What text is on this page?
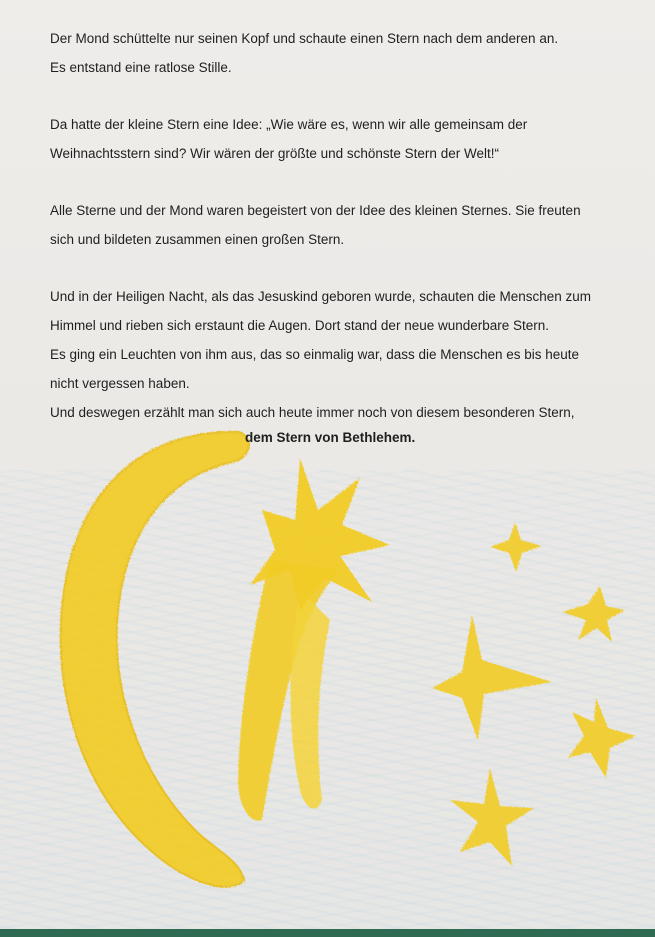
Der Mond schüttelte nur seinen Kopf und schaute einen Stern nach dem anderen an.
Es entstand eine ratlose Stille.

Da hatte der kleine Stern eine Idee: „Wie wäre es, wenn wir alle gemeinsam der
Weihnachtsstern sind? Wir wären der größte und schönste Stern der Welt!“

Alle Sterne und der Mond waren begeistert von der Idee des kleinen Sternes. Sie freuten
sich und bildeten zusammen einen großen Stern.

Und in der Heiligen Nacht, als das Jesuskind geboren wurde, schauten die Menschen zum
Himmel und rieben sich erstaunt die Augen. Dort stand der neue wunderbare Stern.
Es ging ein Leuchten von ihm aus, das so einmalig war, dass die Menschen es bis heute
nicht vergessen haben.
Und deswegen erzählt man sich auch heute immer noch von diesem besonderen Stern,

dem Stern von Bethlehem.
